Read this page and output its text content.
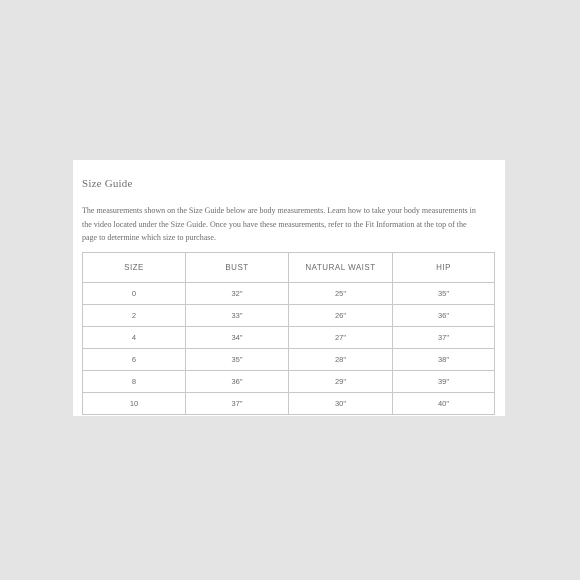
Size Guide

The measurements shown on the Size Guide below are body measurements. Learn how to take your body measurements in the video located under the Size Guide. Once you have these measurements, refer to the Fit Information at the top of the page to determine which size to purchase.

SIZE	BUST	NATURAL WAIST	HIP
0	32"	25"	35"
2	33"	26"	36"
4	34"	27"	37"
6	35"	28"	38"
8	36"	29"	39"
10	37"	30"	40"
